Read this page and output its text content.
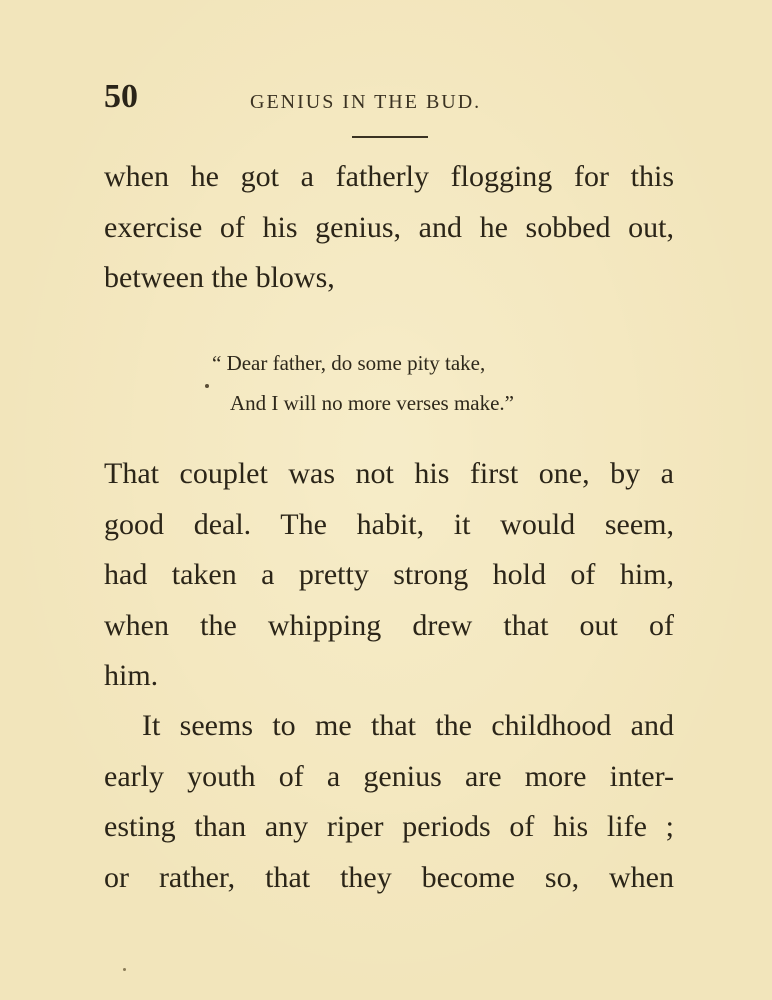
50	GENIUS IN THE BUD.
when he got a fatherly flogging for this
exercise of his genius, and he sobbed out,
between the blows,
“ Dear father, do some pity take,
And I will no more verses make.”
That couplet was not his first one, by a
good deal. The habit, it would seem,
had taken a pretty strong hold of him,
when the whipping drew that out of
him.
It seems to me that the childhood and
early youth of a genius are more inter-
esting than any riper periods of his life ;
or rather, that they become so, when
